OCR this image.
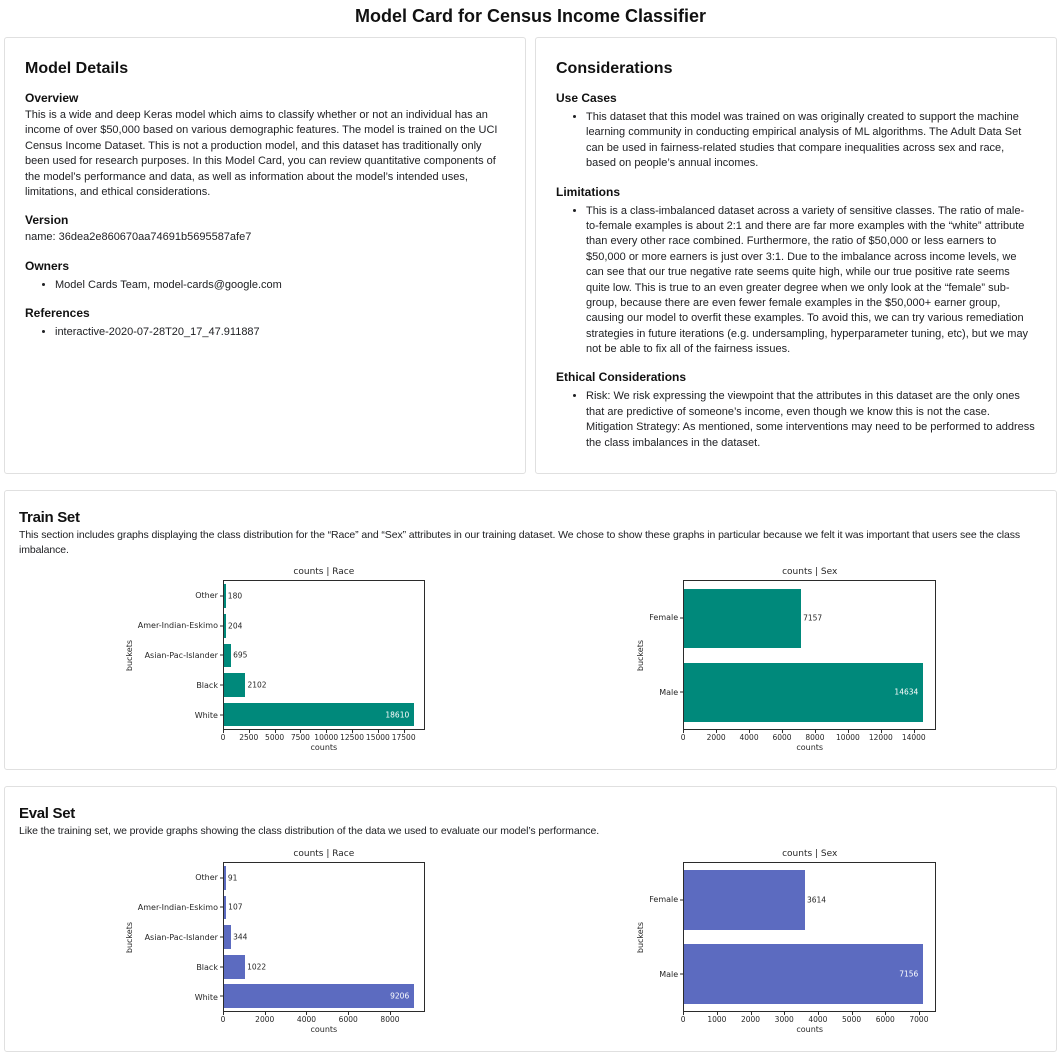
Model Card for Census Income Classifier
Model Details
Overview

This is a wide and deep Keras model which aims to classify whether or not an individual has an income of over $50,000 based on various demographic features. The model is trained on the UCI Census Income Dataset. This is not a production model, and this dataset has traditionally only been used for research purposes. In this Model Card, you can review quantitative components of the model’s performance and data, as well as information about the model’s intended uses, limitations, and ethical considerations.

Version

name: 36dea2e860670aa74691b5695587afe7

Owners
• Model Cards Team, model-cards@google.com
References
• interactive-2020-07-28T20_17_47.911887
Considerations
Use Cases
• This dataset that this model was trained on was originally created to support the machine learning community in conducting empirical analysis of ML algorithms. The Adult Data Set can be used in fairness-related studies that compare inequalities across sex and race, based on people’s annual incomes.
Limitations
• This is a class-imbalanced dataset across a variety of sensitive classes. The ratio of male-to-female examples is about 2:1 and there are far more examples with the “white” attribute than every other race combined. Furthermore, the ratio of $50,000 or less earners to $50,000 or more earners is just over 3:1. Due to the imbalance across income levels, we can see that our true negative rate seems quite high, while our true positive rate seems quite low. This is true to an even greater degree when we only look at the “female” sub-group, because there are even fewer female examples in the $50,000+ earner group, causing our model to overfit these examples. To avoid this, we can try various remediation strategies in future iterations (e.g. undersampling, hyperparameter tuning, etc), but we may not be able to fix all of the fairness issues.
Ethical Considerations
• Risk: We risk expressing the viewpoint that the attributes in this dataset are the only ones that are predictive of someone’s income, even though we know this is not the case.
Mitigation Strategy: As mentioned, some interventions may need to be performed to address the class imbalances in the dataset.
Train Set

This section includes graphs displaying the class distribution for the “Race” and “Sex” attributes in our training dataset. We chose to show these graphs in particular because we felt it was important that users see the class imbalance.

counts | Race
buckets
Other
Amer-Indian-Eskimo
Asian-Pac-Islander
Black
White
180
204
695
2102
18610
0 2500 5000 7500 10000 12500 15000 17500
counts
counts | Sex
buckets
Female
Male
7157
14634
0	2000 4000 6000 8000 10000 12000 14000
counts
Eval Set

Like the training set, we provide graphs showing the class distribution of the data we used to evaluate our model’s performance.

counts | Race
buckets
Other
Amer-Indian-Eskimo
Asian-Pac-Islander
Black
White
91
107
344
1022
9206
0	2000	4000	6000	8000
counts
counts | Sex
buckets
Female
Male
3614
7156
0	1000 2000 3000 4000 5000 6000 7000
counts
